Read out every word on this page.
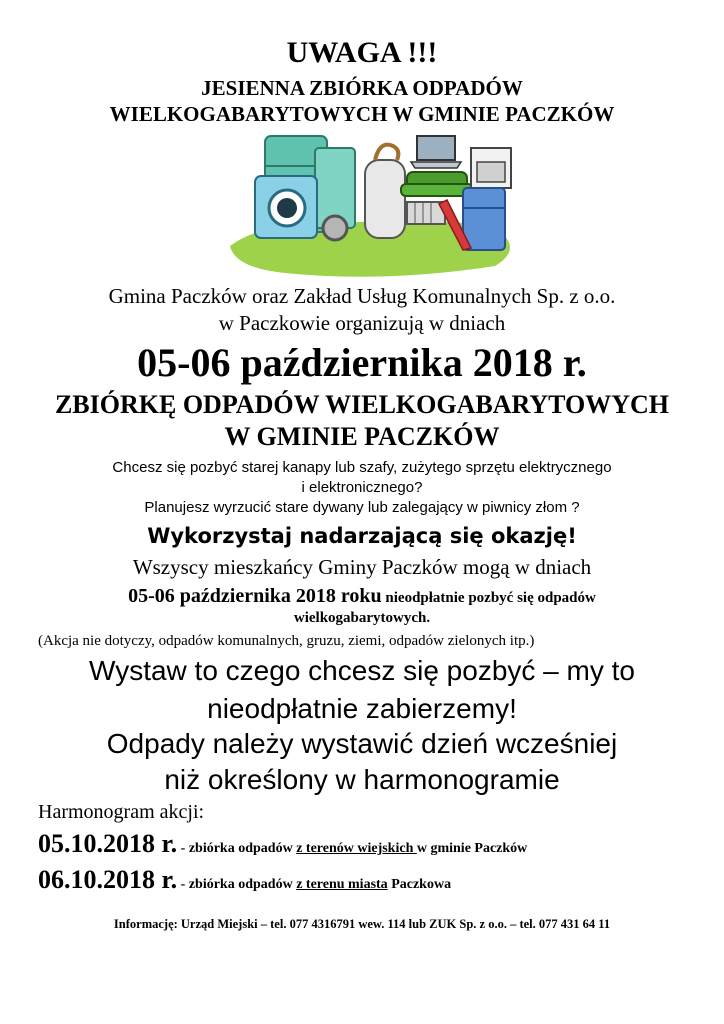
UWAGA !!!
JESIENNA ZBIÓRKA ODPADÓW
WIELKOGABARYTOWYCH W GMINIE PACZKÓW
Gmina Paczków oraz Zakład Usług Komunalnych Sp. z o.o.
w Paczkowie organizują w dniach
05-06 października 2018 r.
ZBIÓRKĘ ODPADÓW WIELKOGABARYTOWYCH
W GMINIE PACZKÓW
Chcesz się pozbyć starej kanapy lub szafy, zużytego sprzętu elektrycznego
i elektronicznego?
Planujesz wyrzucić stare dywany lub zalegający w piwnicy złom ?
Wykorzystaj nadarzającą się okazję!
Wszyscy mieszkańcy Gminy Paczków mogą w dniach
05-06 października 2018 roku nieodpłatnie pozbyć się odpadów
wielkogabarytowych.
(Akcja nie dotyczy, odpadów komunalnych, gruzu, ziemi, odpadów zielonych itp.)
Wystaw to czego chcesz się pozbyć – my to
nieodpłatnie zabierzemy!
Odpady należy wystawić dzień wcześniej
niż określony w harmonogramie
Harmonogram akcji:
05.10.2018 r. - zbiórka odpadów z terenów wiejskich w gminie Paczków
06.10.2018 r. - zbiórka odpadów z terenu miasta Paczkowa
Informację: Urząd Miejski – tel. 077 4316791 wew. 114 lub ZUK Sp. z o.o. – tel. 077 431 64 11
